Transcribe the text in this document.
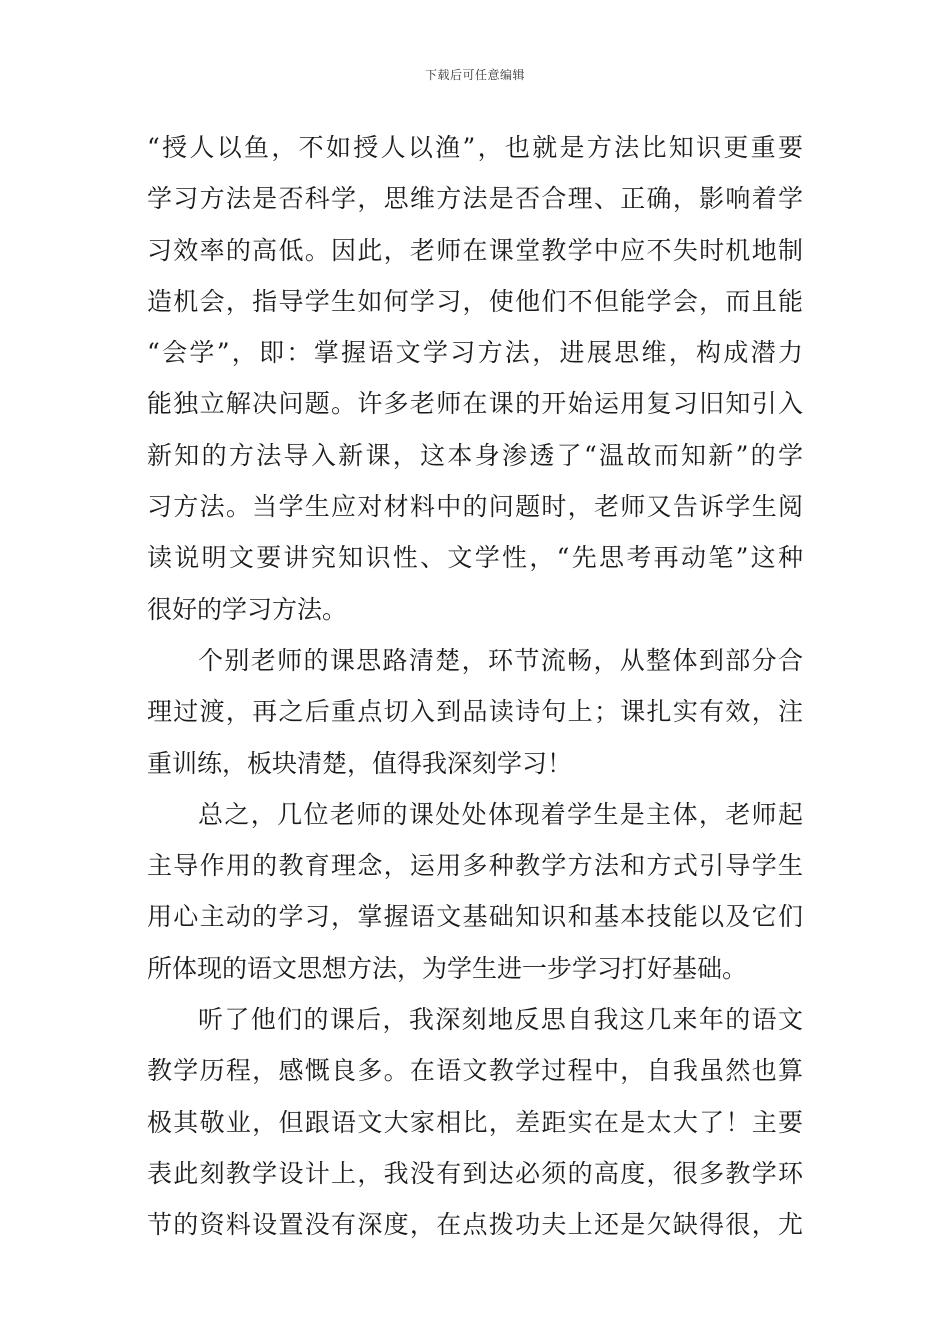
下载后可任意编辑
“授人以鱼，不如授人以渔”，也就是方法比知识更重要
学习方法是否科学，思维方法是否合理、正确，影响着学
习效率的高低。因此，老师在课堂教学中应不失时机地制
造机会，指导学生如何学习，使他们不但能学会，而且能
“会学”，即：掌握语文学习方法，进展思维，构成潜力
能独立解决问题。许多老师在课的开始运用复习旧知引入
新知的方法导入新课，这本身渗透了“温故而知新”的学
习方法。当学生应对材料中的问题时，老师又告诉学生阅
读说明文要讲究知识性、文学性，“先思考再动笔”这种
很好的学习方法。
个别老师的课思路清楚，环节流畅，从整体到部分合
理过渡，再之后重点切入到品读诗句上；课扎实有效，注
重训练，板块清楚，值得我深刻学习！
总之，几位老师的课处处体现着学生是主体，老师起
主导作用的教育理念，运用多种教学方法和方式引导学生
用心主动的学习，掌握语文基础知识和基本技能以及它们
所体现的语文思想方法，为学生进一步学习打好基础。
听了他们的课后，我深刻地反思自我这几来年的语文
教学历程，感慨良多。在语文教学过程中，自我虽然也算
极其敬业，但跟语文大家相比，差距实在是太大了！主要
表此刻教学设计上，我没有到达必须的高度，很多教学环
节的资料设置没有深度，在点拨功夫上还是欠缺得很，尤
